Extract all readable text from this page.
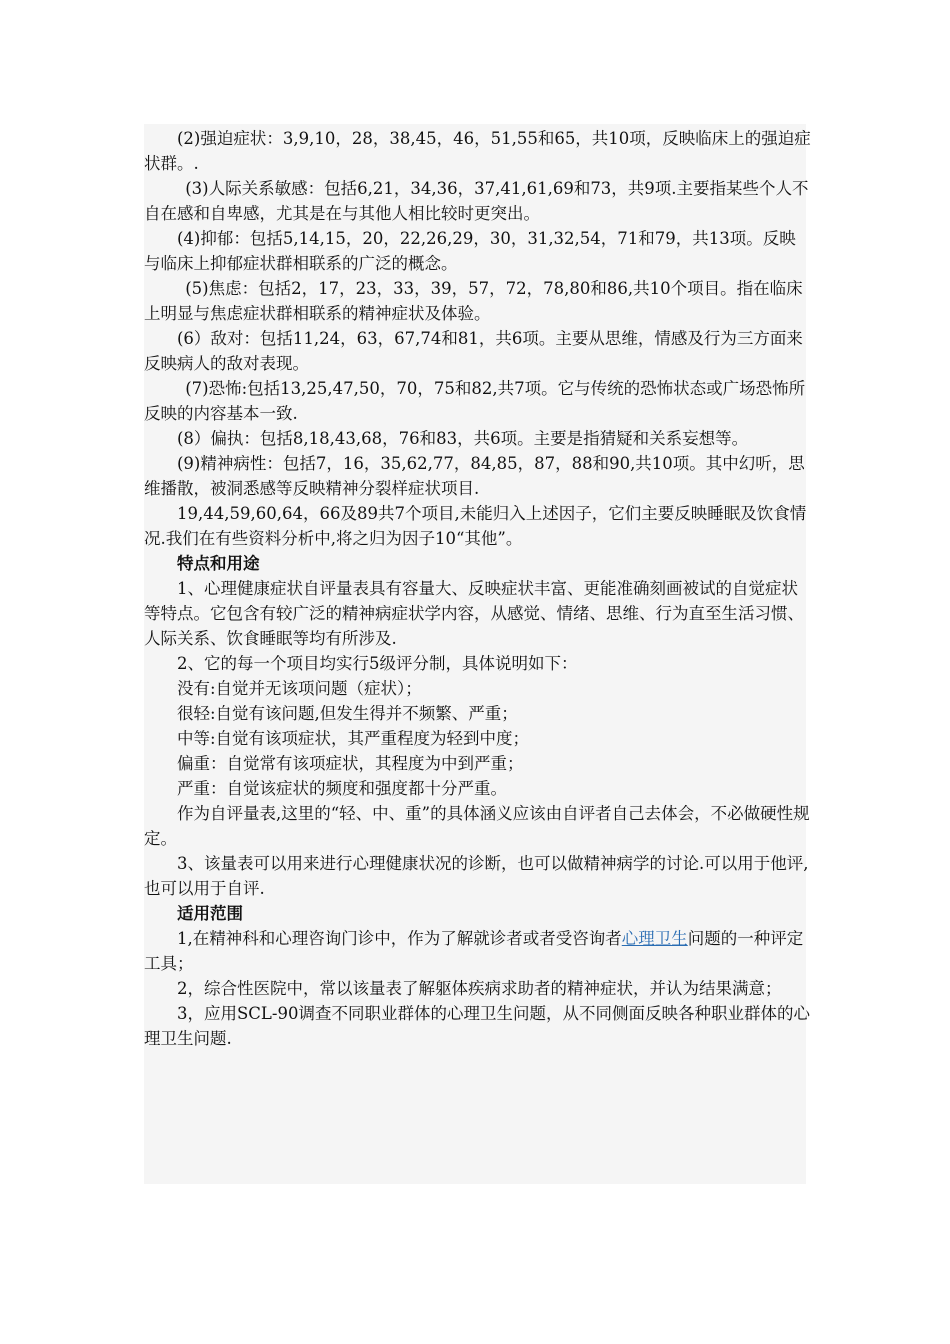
(2)强迫症状：3,9,10，28，38,45，46，51,55和65，共10项，反映临床上的强迫症状群。.

(3)人际关系敏感：包括6,21，34,36，37,41,61,69和73，共9项.主要指某些个人不自在感和自卑感，尤其是在与其他人相比较时更突出。

(4)抑郁：包括5,14,15，20，22,26,29，30，31,32,54，71和79，共13项。反映与临床上抑郁症状群相联系的广泛的概念。

(5)焦虑：包括2，17，23，33，39，57，72，78,80和86,共10个项目。指在临床上明显与焦虑症状群相联系的精神症状及体验。

(6）敌对：包括11,24，63，67,74和81，共6项。主要从思维，情感及行为三方面来反映病人的敌对表现。

(7)恐怖:包括13,25,47,50，70，75和82,共7项。它与传统的恐怖状态或广场恐怖所反映的内容基本一致.

(8）偏执：包括8,18,43,68，76和83，共6项。主要是指猜疑和关系妄想等。

(9)精神病性：包括7，16，35,62,77，84,85，87，88和90,共10项。其中幻听，思维播散，被洞悉感等反映精神分裂样症状项目.

19,44,59,60,64，66及89共7个项目,未能归入上述因子，它们主要反映睡眠及饮食情况.我们在有些资料分析中,将之归为因子10“其他”。

特点和用途

1、心理健康症状自评量表具有容量大、反映症状丰富、更能准确刻画被试的自觉症状等特点。它包含有较广泛的精神病症状学内容，从感觉、情绪、思维、行为直至生活习惯、人际关系、饮食睡眠等均有所涉及.

2、它的每一个项目均实行5级评分制，具体说明如下：

没有:自觉并无该项问题（症状）；

很轻:自觉有该问题,但发生得并不频繁、严重；

中等:自觉有该项症状，其严重程度为轻到中度；

偏重：自觉常有该项症状，其程度为中到严重；

严重：自觉该症状的频度和强度都十分严重。

作为自评量表,这里的“轻、中、重”的具体涵义应该由自评者自己去体会，不必做硬性规定。

3、该量表可以用来进行心理健康状况的诊断，也可以做精神病学的讨论.可以用于他评,也可以用于自评.

适用范围

1,在精神科和心理咨询门诊中，作为了解就诊者或者受咨询者心理卫生问题的一种评定工具；

2，综合性医院中，常以该量表了解躯体疾病求助者的精神症状，并认为结果满意；

3，应用SCL-90调查不同职业群体的心理卫生问题，从不同侧面反映各种职业群体的心理卫生问题.
